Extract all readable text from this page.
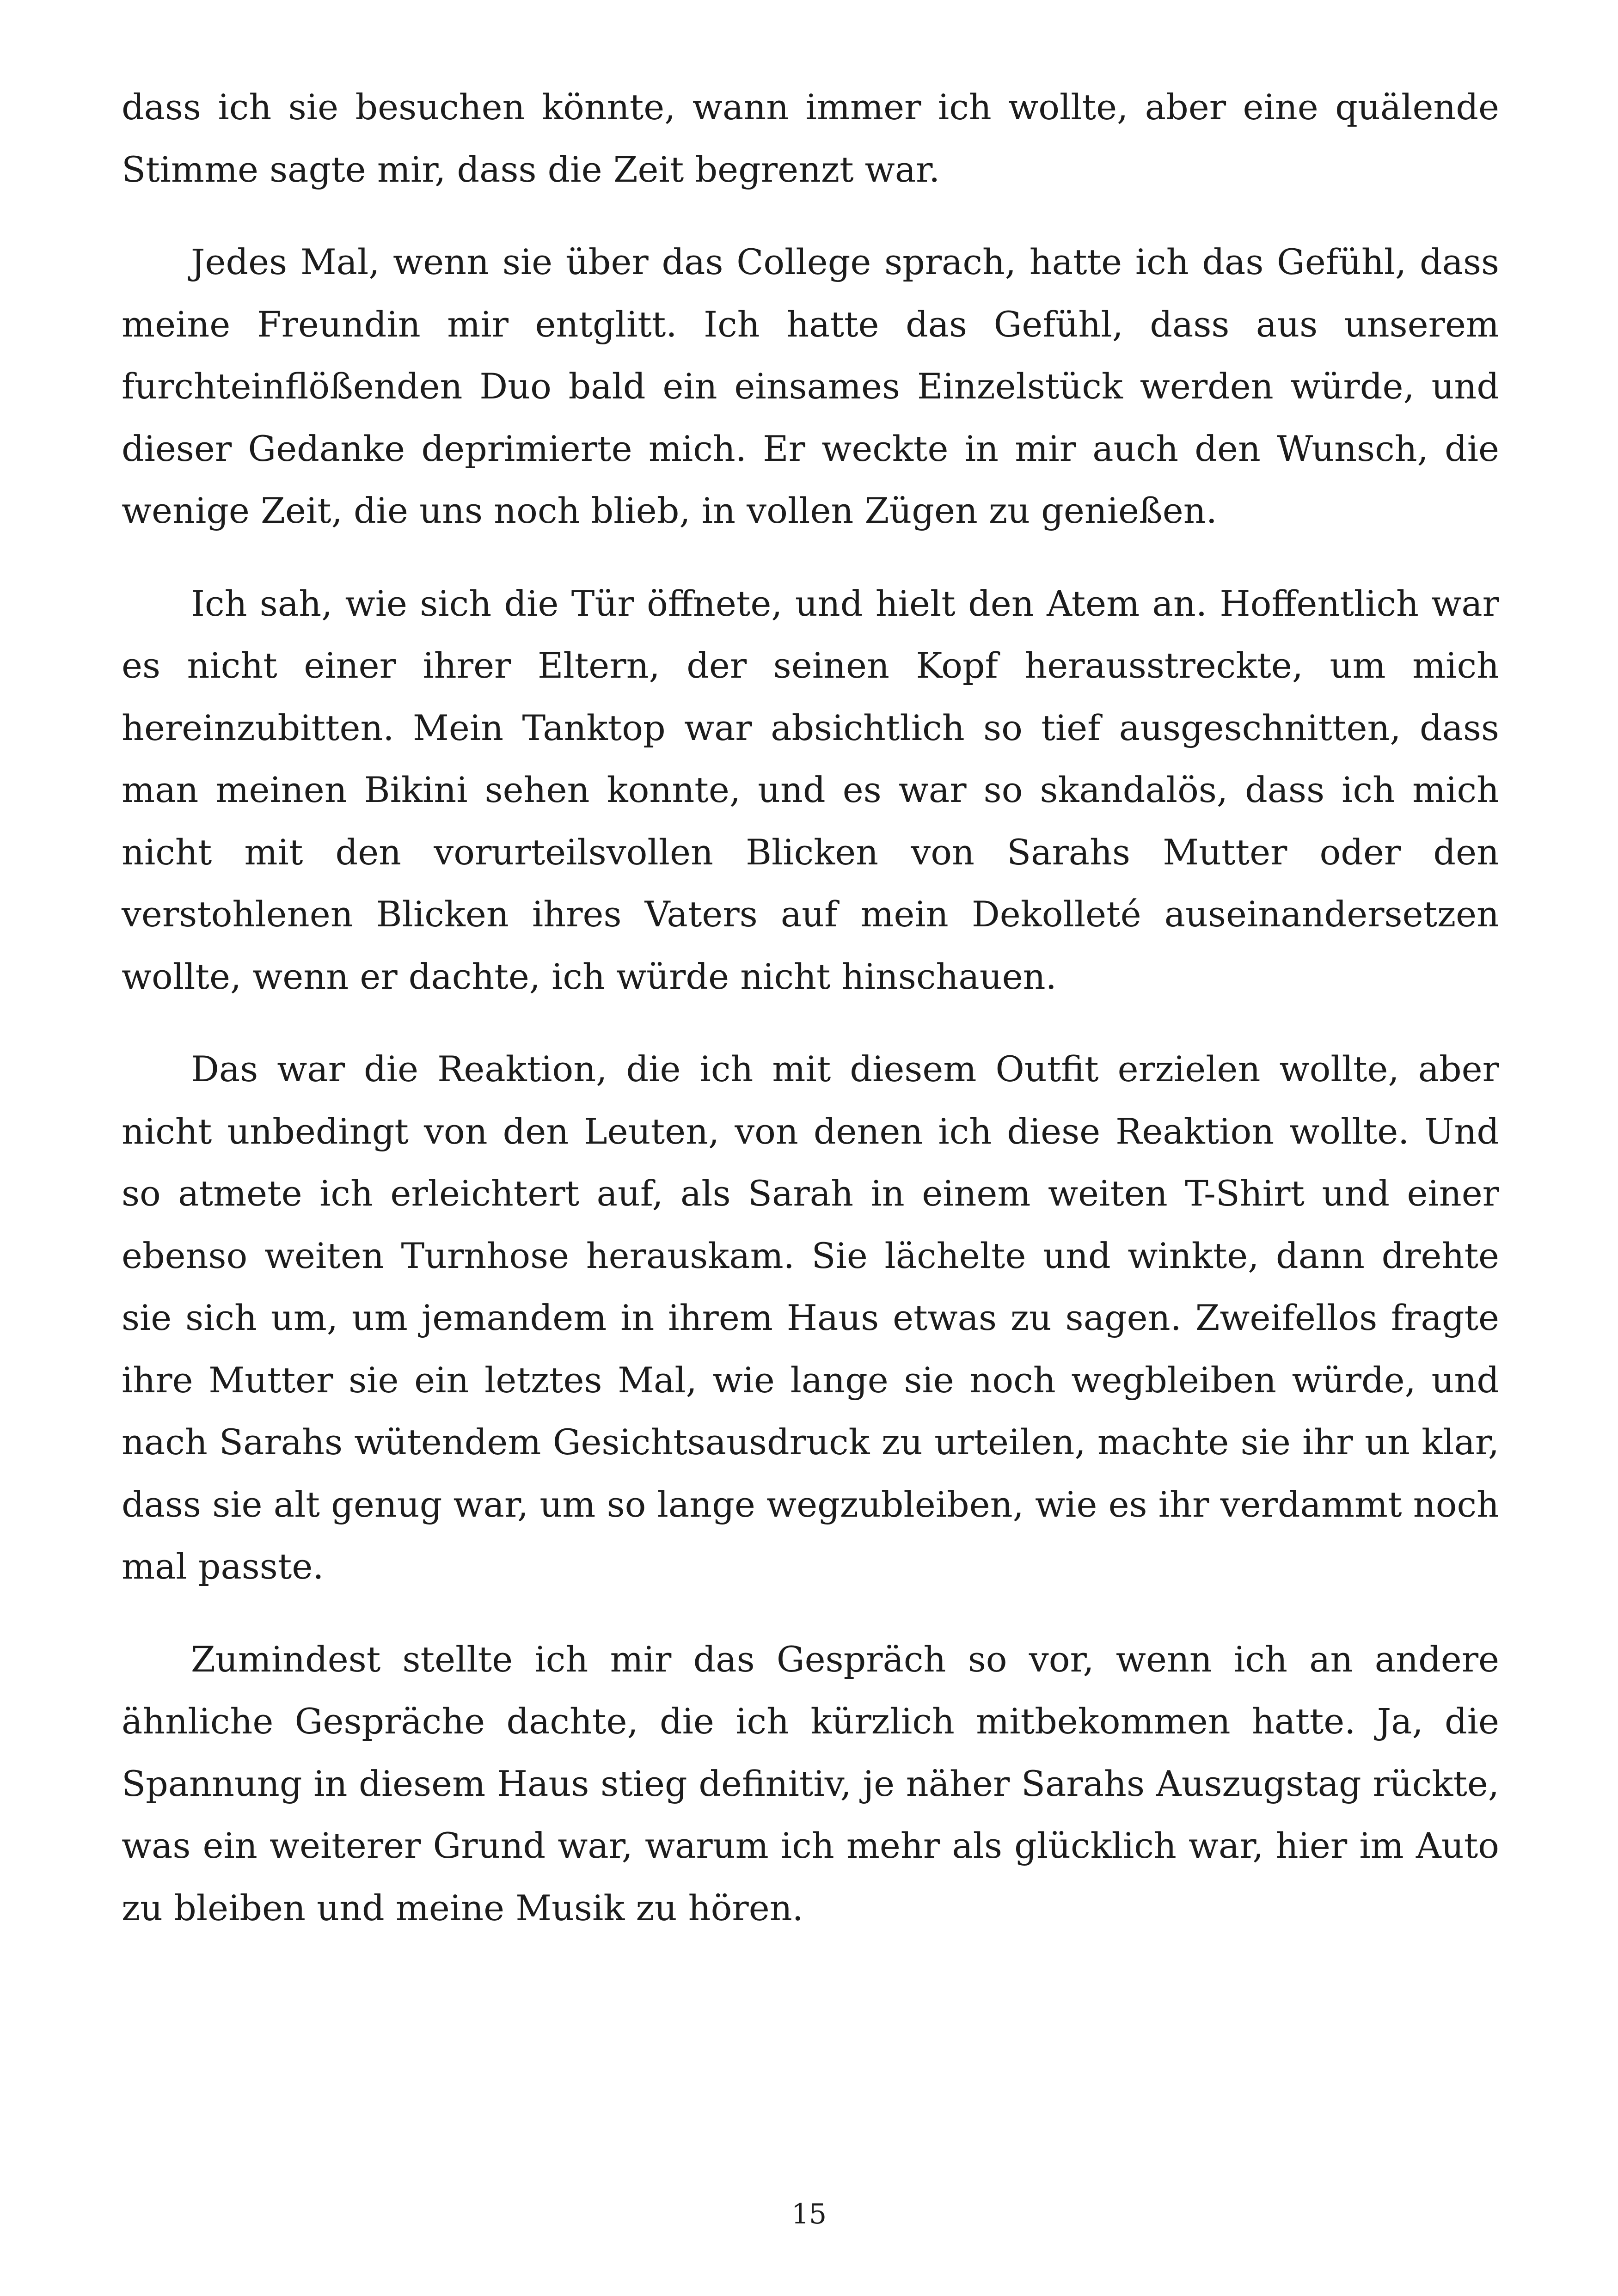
dass ich sie besuchen könnte, wann immer ich wollte, aber eine quälende Stimme sagte mir, dass die Zeit begrenzt war.

Jedes Mal, wenn sie über das College sprach, hatte ich das Gefühl, dass meine Freundin mir entglitt. Ich hatte das Gefühl, dass aus unserem furchteinflößenden Duo bald ein einsames Einzelstück werden würde, und dieser Gedanke deprimierte mich. Er weckte in mir auch den Wunsch, die wenige Zeit, die uns noch blieb, in vollen Zügen zu genießen.

Ich sah, wie sich die Tür öffnete, und hielt den Atem an. Hoffentlich war es nicht einer ihrer Eltern, der seinen Kopf herausstreckte, um mich hereinzubitten. Mein Tanktop war absichtlich so tief ausgeschnitten, dass man meinen Bikini sehen konnte, und es war so skandalös, dass ich mich nicht mit den vorurteilsvollen Blicken von Sarahs Mutter oder den verstohlenen Blicken ihres Vaters auf mein Dekolleté auseinandersetzen wollte, wenn er dachte, ich würde nicht hinschauen.

Das war die Reaktion, die ich mit diesem Outfit erzielen wollte, aber nicht unbedingt von den Leuten, von denen ich diese Reaktion wollte. Und so atmete ich erleichtert auf, als Sarah in einem weiten T-Shirt und einer ebenso weiten Turnhose herauskam. Sie lächelte und winkte, dann drehte sie sich um, um jemandem in ihrem Haus etwas zu sagen. Zweifellos fragte ihre Mutter sie ein letztes Mal, wie lange sie noch wegbleiben würde, und nach Sarahs wütendem Gesichtsausdruck zu urteilen, machte sie ihr un klar, dass sie alt genug war, um so lange wegzubleiben, wie es ihr verdammt noch mal passte.

Zumindest stellte ich mir das Gespräch so vor, wenn ich an andere ähnliche Gespräche dachte, die ich kürzlich mitbekommen hatte. Ja, die Spannung in diesem Haus stieg definitiv, je näher Sarahs Auszugstag rückte, was ein weiterer Grund war, warum ich mehr als glücklich war, hier im Auto zu bleiben und meine Musik zu hören.

15
